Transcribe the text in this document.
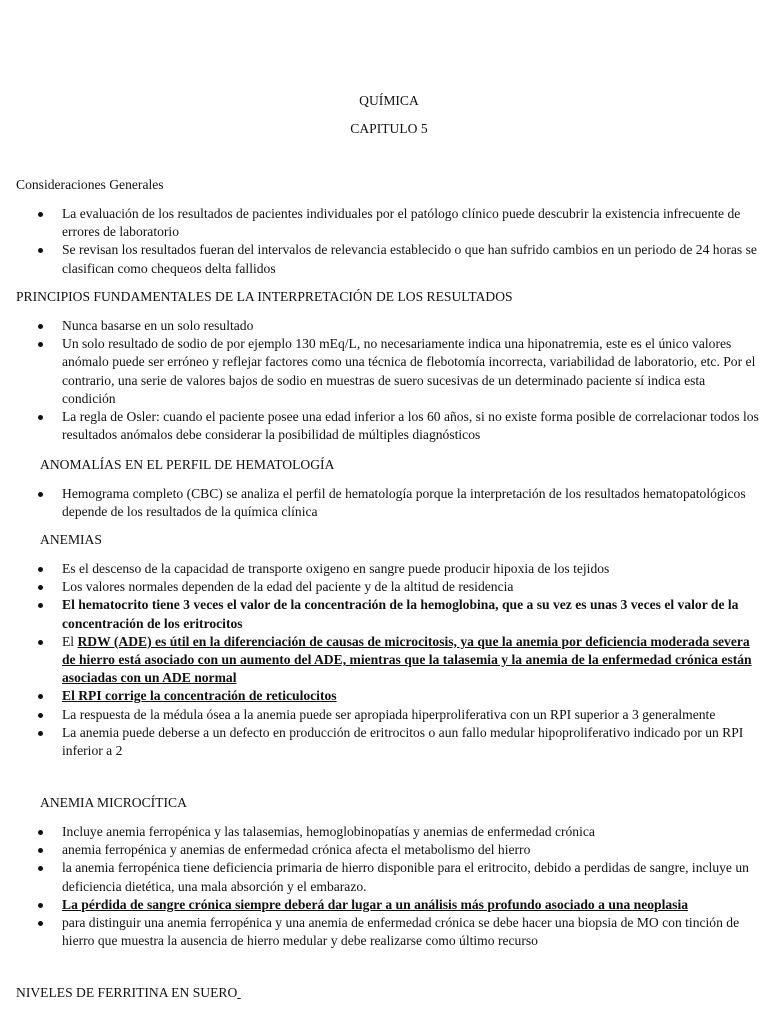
QUÍMICA
CAPITULO 5
Consideraciones Generales
La evaluación de los resultados de pacientes individuales por el patólogo clínico puede descubrir la existencia infrecuente de errores de laboratorio
Se revisan los resultados fueran del intervalos de relevancia establecido o que han sufrido cambios en un periodo de 24 horas se clasifican como chequeos delta fallidos
PRINCIPIOS FUNDAMENTALES DE LA INTERPRETACIÓN DE LOS RESULTADOS
Nunca basarse en un solo resultado
Un solo resultado de sodio de por ejemplo 130 mEq/L, no necesariamente indica una hiponatremia, este es el único valores anómalo puede ser erróneo y reflejar factores como una técnica de flebotomía incorrecta, variabilidad de laboratorio, etc. Por el contrario, una serie de valores bajos de sodio en muestras de suero sucesivas de un determinado paciente sí indica esta condición
La regla de Osler: cuando el paciente posee una edad inferior a los 60 años, si no existe forma posible de correlacionar todos los resultados anómalos debe considerar la posibilidad de múltiples diagnósticos
ANOMALÍAS EN EL PERFIL DE HEMATOLOGÍA
Hemograma completo (CBC) se analiza el perfil de hematología porque la interpretación de los resultados hematopatológicos depende de los resultados de la química clínica
ANEMIAS
Es el descenso de la capacidad de transporte oxigeno en sangre puede producir hipoxia de los tejidos
Los valores normales dependen de la edad del paciente y de la altitud de residencia
El hematocrito tiene 3 veces el valor de la concentración de la hemoglobina, que a su vez es unas 3 veces el valor de la concentración de los eritrocitos
El RDW (ADE) es útil en la diferenciación de causas de microcitosis, ya que la anemia por deficiencia moderada severa de hierro está asociado con un aumento del ADE, mientras que la talasemia y la anemia de la enfermedad crónica están asociadas con un ADE normal
El RPI corrige la concentración de reticulocitos
La respuesta de la médula ósea a la anemia puede ser apropiada hiperproliferativa con un RPI superior a 3 generalmente
La anemia puede deberse a un defecto en producción de eritrocitos o aun fallo medular hipoproliferativo indicado por un RPI inferior a 2
ANEMIA MICROCÍTICA
Incluye anemia ferropénica y las talasemias, hemoglobinopatías y anemias de enfermedad crónica
anemia ferropénica y anemias de enfermedad crónica afecta el metabolismo del hierro
la anemia ferropénica tiene deficiencia primaria de hierro disponible para el eritrocito, debido a perdidas de sangre, incluye un deficiencia dietética, una mala absorción y el embarazo.
La pérdida de sangre crónica siempre deberá dar lugar a un análisis más profundo asociado a una neoplasia
para distinguir una anemia ferropénica y una anemia de enfermedad crónica se debe hacer una biopsia de MO con tinción de hierro que muestra la ausencia de hierro medular y debe realizarse como último recurso
NIVELES DE FERRITINA EN SUERO
